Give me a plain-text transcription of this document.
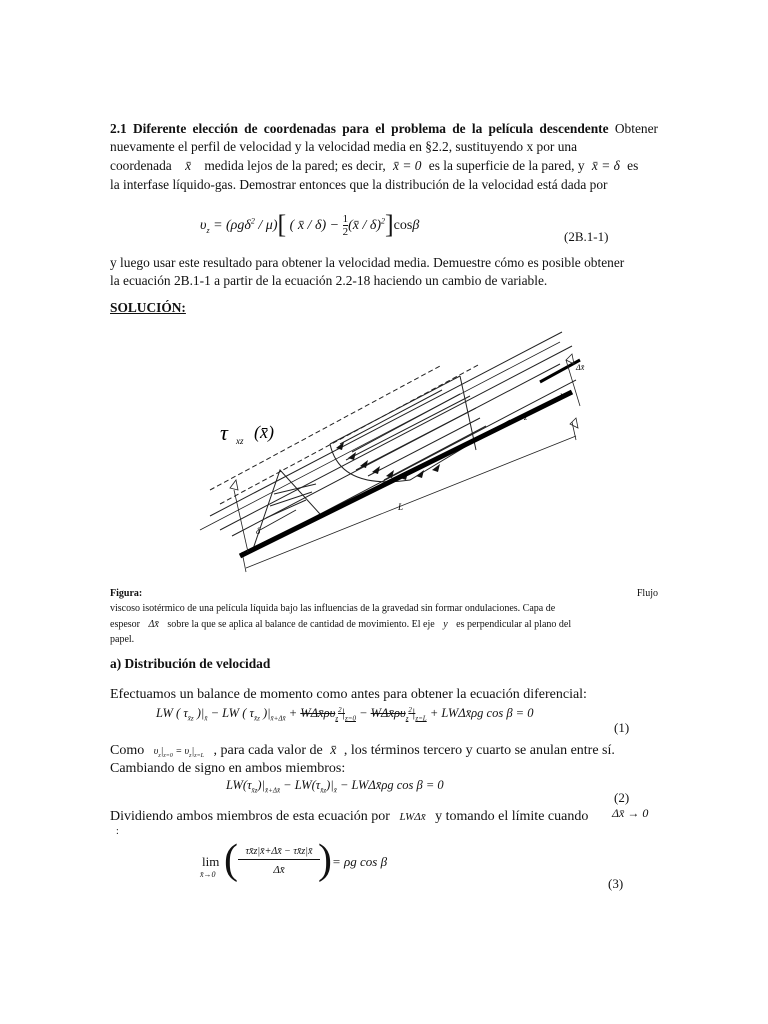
2.1 Diferente elección de coordenadas para el problema de la película descendente Obtener nuevamente el perfil de velocidad y la velocidad media en §2.2, sustituyendo x por una
coordenada x̄ medida lejos de la pared; es decir, x̄ = 0 es la superficie de la pared, y x̄ = δ es
la interfase líquido-gas. Demostrar entonces que la distribución de la velocidad está dada por
$\upsilon_z = (\rho g\delta^2 / \mu)$[ ( x̄ / $\delta) - \frac{1}{2}$ (x̄ / δ)$^2$]cosβ
(2B.1-1)
y luego usar este resultado para obtener la velocidad media. Demuestre cómo es posible obtener
la ecuación 2B.1-1 a partir de la ecuación 2.2-18 haciendo un cambio de variable.
SOLUCIÓN:
τ xz (x̄)
δ
L
x
z
Δx̄
Figura:	Flujo
viscoso isotérmico de una película líquida bajo las influencias de la gravedad sin formar ondulaciones. Capa de
espesor Δx̄ sobre la que se aplica al balance de cantidad de movimiento. El eje y es perpendicular al plano del
papel.
a) Distribución de velocidad
Efectuamos un balance de momento como antes para obtener la ecuación diferencial:
LW ( $\tau_{x̄z}$ )$|_{x̄}$ − LW ( $\tau_{x̄z}$ )$|_{x̄+\Delta x̄}$ + $W\Delta x̄\rho\upsilon_z^2|_{z=0}$ − $W\Delta x̄\rho\upsilon_z^2|_{z=L}$ + LWΔx̄ρg cos β = 0
(1)
Como $\upsilon_z|_{z=0} = \upsilon_z|_{z=L}$ , para cada valor de x̄ , los términos tercero y cuarto se anulan entre sí.
Cambiando de signo en ambos miembros:
$LW(\tau_{x̄z})|_{x̄+\Delta x̄} - LW(\tau_{x̄z})|_{x̄}$ − LWΔx̄ρg cos β = 0
(2)
Dividiendo ambos miembros de esta ecuación por LWΔx̄ y tomando el límite cuando	Δx̄ → 0
:
lim
x̄→0 ( τx̄z|x̄+Δx̄ − τx̄z|x̄
Δx̄ ) = ρg cos β
(3)
